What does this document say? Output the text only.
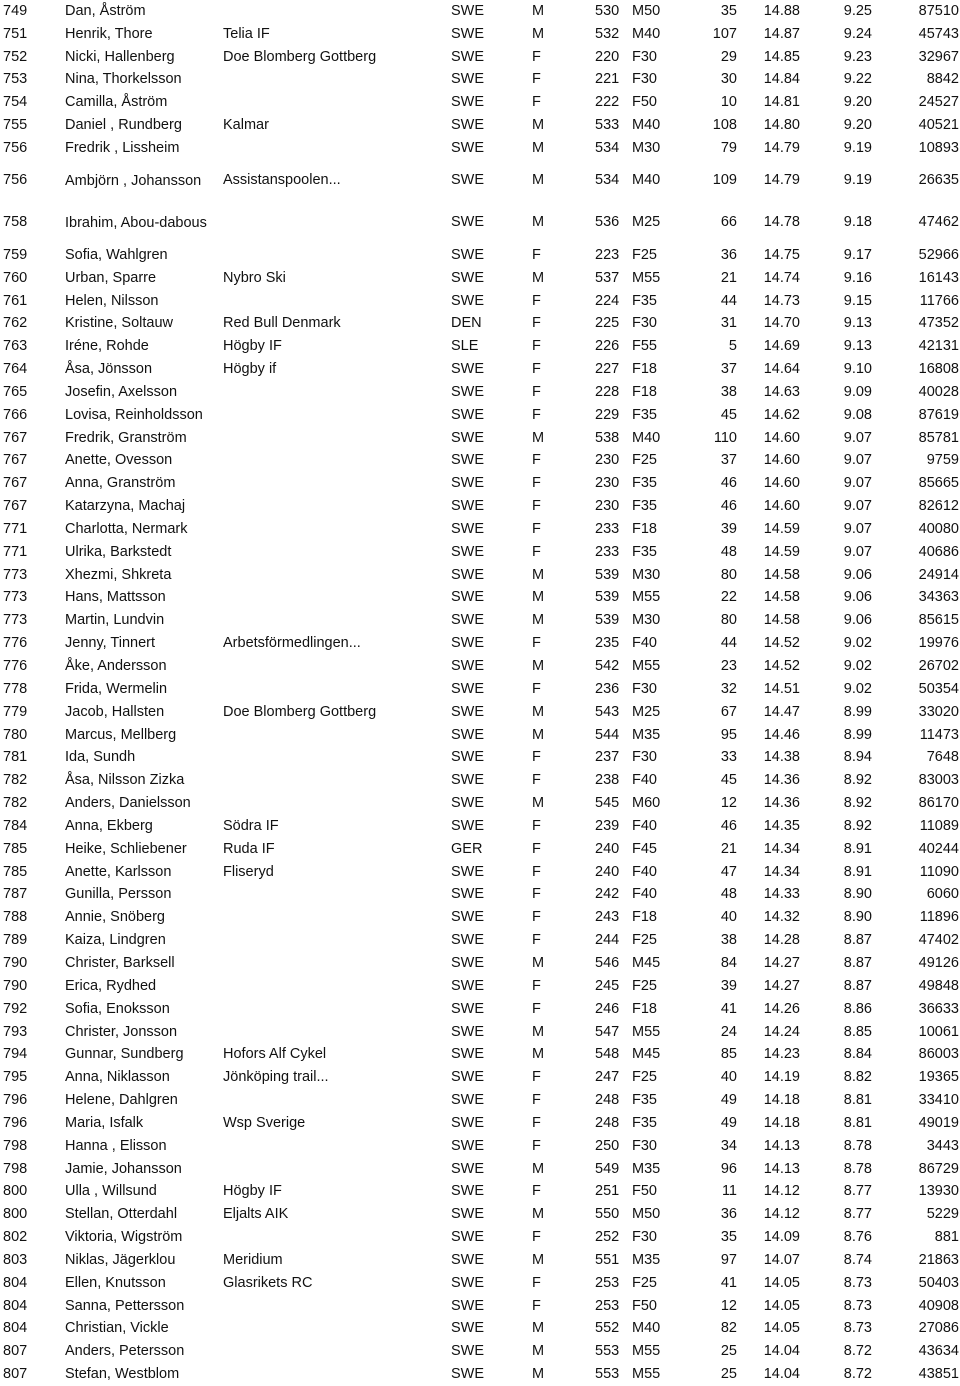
749	Dan, Åström		SWE	M	530	M50	35	14.88	9.25	87510
751	Henrik, Thore	Telia IF	SWE	M	532	M40	107	14.87	9.24	45743
752	Nicki, Hallenberg	Doe Blomberg Gottberg	SWE	F	220	F30	29	14.85	9.23	32967
753	Nina, Thorkelsson		SWE	F	221	F30	30	14.84	9.22	8842
754	Camilla, Åström		SWE	F	222	F50	10	14.81	9.20	24527
755	Daniel , Rundberg	Kalmar	SWE	M	533	M40	108	14.80	9.20	40521
756	Fredrik , Lissheim		SWE	M	534	M30	79	14.79	9.19	10893
756	Ambjörn , Johansson	Assistanspoolen...	SWE	M	534	M40	109	14.79	9.19	26635
758	Ibrahim, Abou-dabous		SWE	M	536	M25	66	14.78	9.18	47462
759	Sofia, Wahlgren		SWE	F	223	F25	36	14.75	9.17	52966
760	Urban, Sparre	Nybro Ski	SWE	M	537	M55	21	14.74	9.16	16143
761	Helen, Nilsson		SWE	F	224	F35	44	14.73	9.15	11766
762	Kristine, Soltauw	Red Bull Denmark	DEN	F	225	F30	31	14.70	9.13	47352
763	Iréne, Rohde	Högby IF	SLE	F	226	F55	5	14.69	9.13	42131
764	Åsa, Jönsson	Högby if	SWE	F	227	F18	37	14.64	9.10	16808
765	Josefin, Axelsson		SWE	F	228	F18	38	14.63	9.09	40028
766	Lovisa, Reinholdsson		SWE	F	229	F35	45	14.62	9.08	87619
767	Fredrik, Granström		SWE	M	538	M40	110	14.60	9.07	85781
767	Anette, Ovesson		SWE	F	230	F25	37	14.60	9.07	9759
767	Anna, Granström		SWE	F	230	F35	46	14.60	9.07	85665
767	Katarzyna, Machaj		SWE	F	230	F35	46	14.60	9.07	82612
771	Charlotta, Nermark		SWE	F	233	F18	39	14.59	9.07	40080
771	Ulrika, Barkstedt		SWE	F	233	F35	48	14.59	9.07	40686
773	Xhezmi, Shkreta		SWE	M	539	M30	80	14.58	9.06	24914
773	Hans, Mattsson		SWE	M	539	M55	22	14.58	9.06	34363
773	Martin, Lundvin		SWE	M	539	M30	80	14.58	9.06	85615
776	Jenny, Tinnert	Arbetsförmedlingen...	SWE	F	235	F40	44	14.52	9.02	19976
776	Åke, Andersson		SWE	M	542	M55	23	14.52	9.02	26702
778	Frida, Wermelin		SWE	F	236	F30	32	14.51	9.02	50354
779	Jacob, Hallsten	Doe Blomberg Gottberg	SWE	M	543	M25	67	14.47	8.99	33020
780	Marcus, Mellberg		SWE	M	544	M35	95	14.46	8.99	11473
781	Ida, Sundh		SWE	F	237	F30	33	14.38	8.94	7648
782	Åsa, Nilsson Zizka		SWE	F	238	F40	45	14.36	8.92	83003
782	Anders, Danielsson		SWE	M	545	M60	12	14.36	8.92	86170
784	Anna, Ekberg	Södra IF	SWE	F	239	F40	46	14.35	8.92	11089
785	Heike, Schliebener	Ruda IF	GER	F	240	F45	21	14.34	8.91	40244
785	Anette, Karlsson	Fliseryd	SWE	F	240	F40	47	14.34	8.91	11090
787	Gunilla, Persson		SWE	F	242	F40	48	14.33	8.90	6060
788	Annie, Snöberg		SWE	F	243	F18	40	14.32	8.90	11896
789	Kaiza, Lindgren		SWE	F	244	F25	38	14.28	8.87	47402
790	Christer, Barksell		SWE	M	546	M45	84	14.27	8.87	49126
790	Erica, Rydhed		SWE	F	245	F25	39	14.27	8.87	49848
792	Sofia, Enoksson		SWE	F	246	F18	41	14.26	8.86	36633
793	Christer, Jonsson		SWE	M	547	M55	24	14.24	8.85	10061
794	Gunnar, Sundberg	Hofors Alf Cykel	SWE	M	548	M45	85	14.23	8.84	86003
795	Anna, Niklasson	Jönköping trail...	SWE	F	247	F25	40	14.19	8.82	19365
796	Helene, Dahlgren		SWE	F	248	F35	49	14.18	8.81	33410
796	Maria, Isfalk	Wsp Sverige	SWE	F	248	F35	49	14.18	8.81	49019
798	Hanna , Elisson		SWE	F	250	F30	34	14.13	8.78	3443
798	Jamie, Johansson		SWE	M	549	M35	96	14.13	8.78	86729
800	Ulla , Willsund	Högby IF	SWE	F	251	F50	11	14.12	8.77	13930
800	Stellan, Otterdahl	Eljalts AIK	SWE	M	550	M50	36	14.12	8.77	5229
802	Viktoria, Wigström		SWE	F	252	F30	35	14.09	8.76	881
803	Niklas, Jägerklou	Meridium	SWE	M	551	M35	97	14.07	8.74	21863
804	Ellen, Knutsson	Glasrikets RC	SWE	F	253	F25	41	14.05	8.73	50403
804	Sanna, Pettersson		SWE	F	253	F50	12	14.05	8.73	40908
804	Christian, Vickle		SWE	M	552	M40	82	14.05	8.73	27086
807	Anders, Petersson		SWE	M	553	M55	25	14.04	8.72	43634
807	Stefan, Westblom		SWE	M	553	M55	25	14.04	8.72	43851
